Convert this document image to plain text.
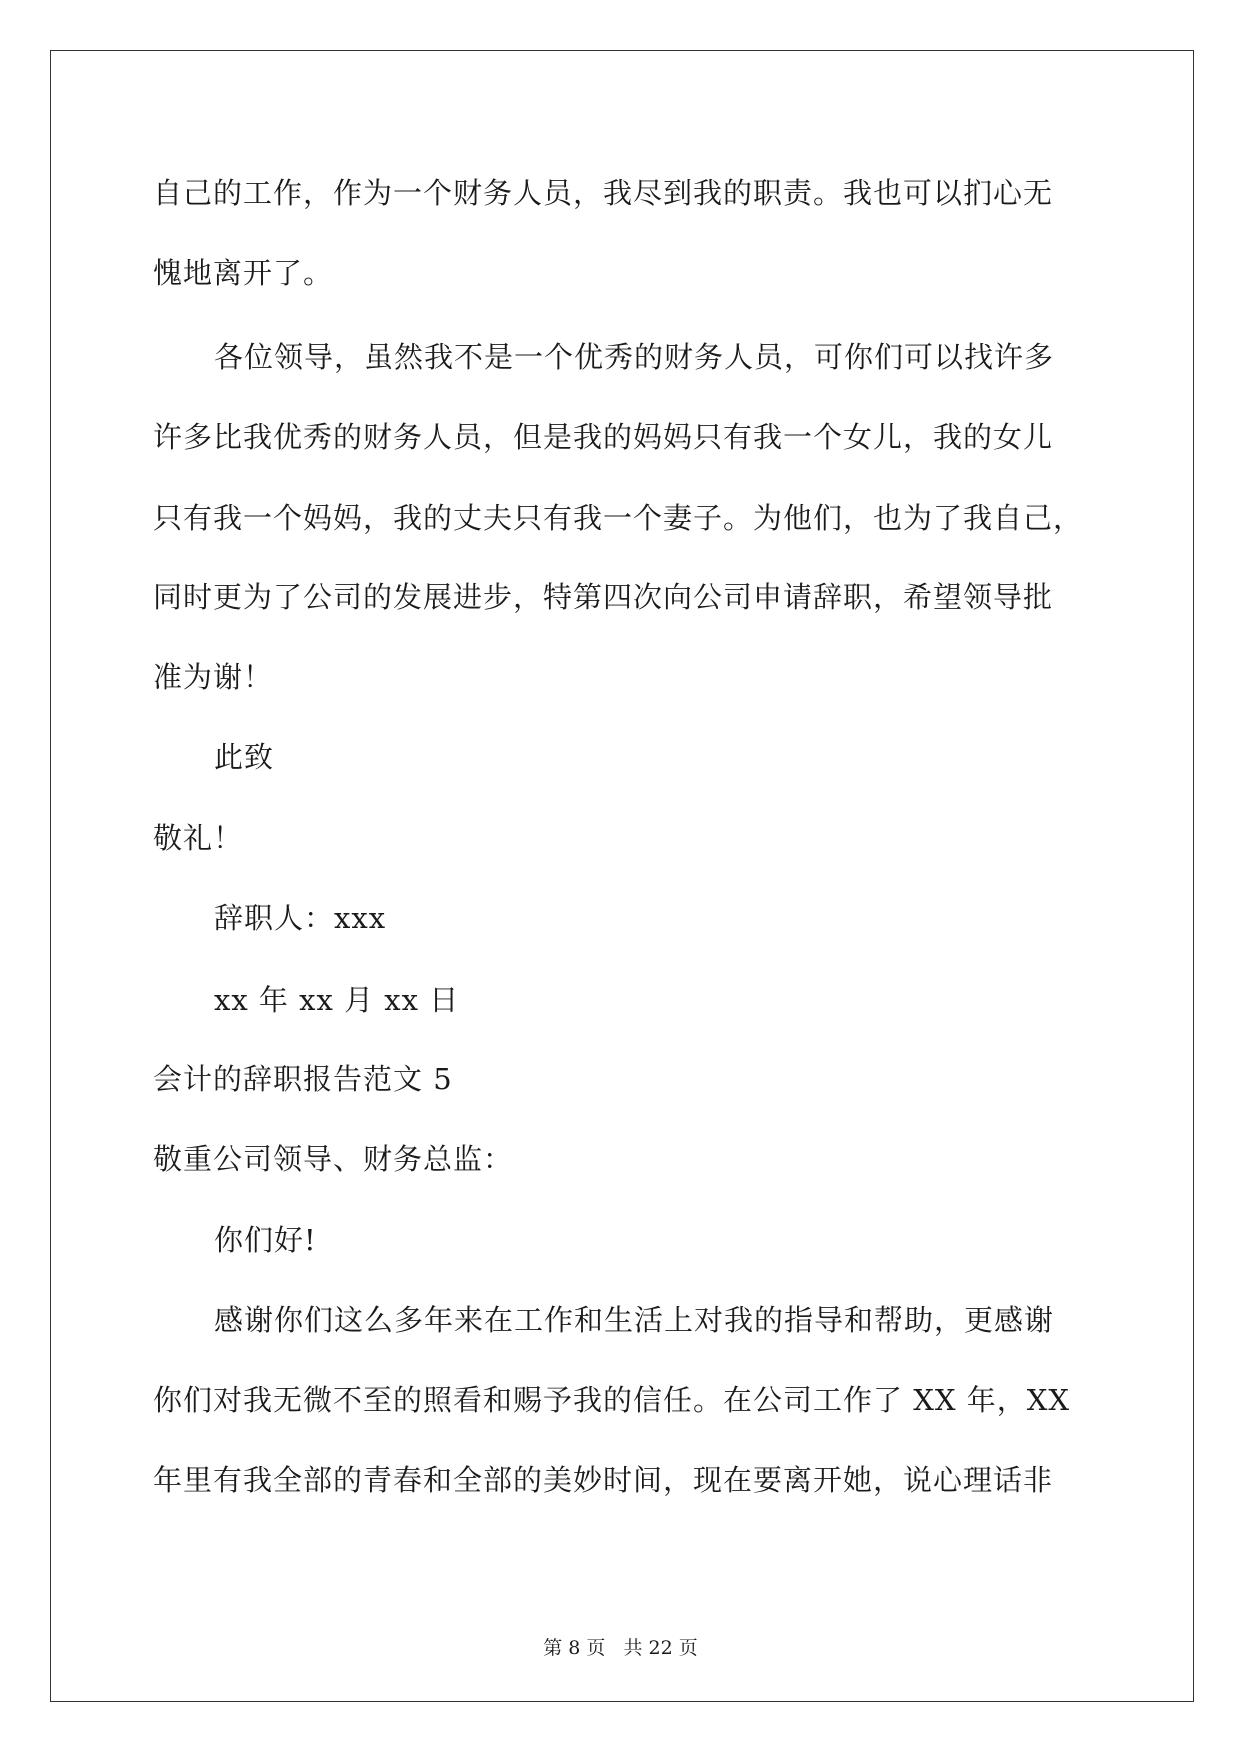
自己的工作，作为一个财务人员，我尽到我的职责。我也可以扪心无
愧地离开了。
各位领导，虽然我不是一个优秀的财务人员，可你们可以找许多
许多比我优秀的财务人员，但是我的妈妈只有我一个女儿，我的女儿
只有我一个妈妈，我的丈夫只有我一个妻子。为他们，也为了我自己，
同时更为了公司的发展进步，特第四次向公司申请辞职，希望领导批
准为谢！
此致
敬礼！
辞职人：xxx
xx 年 xx 月 xx 日
会计的辞职报告范文 5
敬重公司领导、财务总监：
你们好!
感谢你们这么多年来在工作和生活上对我的指导和帮助，更感谢
你们对我无微不至的照看和赐予我的信任。在公司工作了 XX 年，XX
年里有我全部的青春和全部的美妙时间，现在要离开她，说心理话非
第 8 页   共 22 页
